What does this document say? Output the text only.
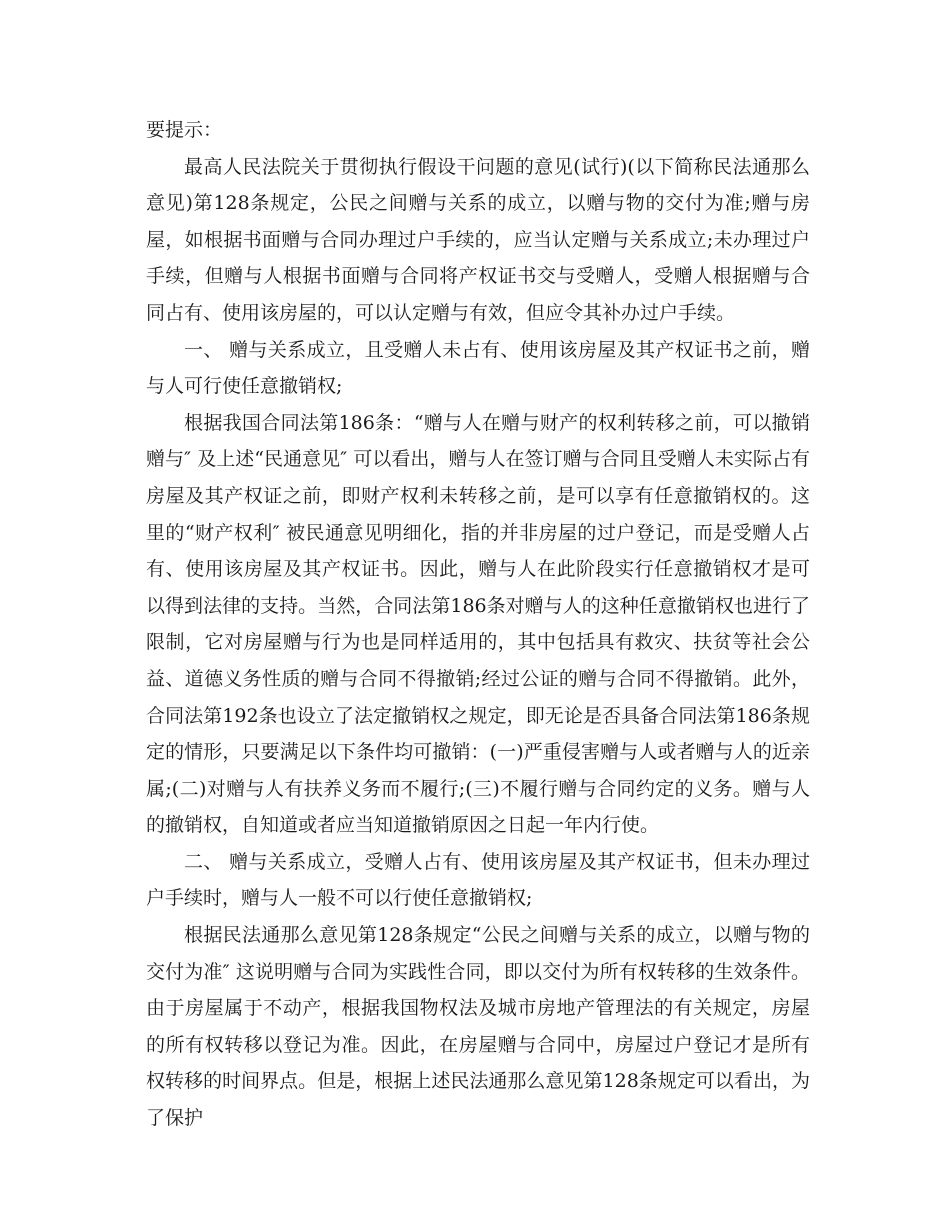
要提示：

最高人民法院关于贯彻执行假设干问题的意见(试行)(以下简称民法通那么意见)第128条规定，公民之间赠与关系的成立，以赠与物的交付为准;赠与房屋，如根据书面赠与合同办理过户手续的，应当认定赠与关系成立;未办理过户手续，但赠与人根据书面赠与合同将产权证书交与受赠人，受赠人根据赠与合同占有、使用该房屋的，可以认定赠与有效，但应令其补办过户手续。

一、 赠与关系成立，且受赠人未占有、使用该房屋及其产权证书之前，赠与人可行使任意撤销权;

根据我国合同法第186条：“赠与人在赠与财产的权利转移之前，可以撤销赠与″ 及上述“民通意见″ 可以看出，赠与人在签订赠与合同且受赠人未实际占有房屋及其产权证之前，即财产权利未转移之前，是可以享有任意撤销权的。这里的“财产权利″ 被民通意见明细化，指的并非房屋的过户登记，而是受赠人占有、使用该房屋及其产权证书。因此，赠与人在此阶段实行任意撤销权才是可以得到法律的支持。当然，合同法第186条对赠与人的这种任意撤销权也进行了限制，它对房屋赠与行为也是同样适用的，其中包括具有救灾、扶贫等社会公益、道德义务性质的赠与合同不得撤销;经过公证的赠与合同不得撤销。此外，合同法第192条也设立了法定撤销权之规定，即无论是否具备合同法第186条规定的情形，只要满足以下条件均可撤销：(一)严重侵害赠与人或者赠与人的近亲属;(二)对赠与人有扶养义务而不履行;(三)不履行赠与合同约定的义务。赠与人的撤销权，自知道或者应当知道撤销原因之日起一年内行使。

二、 赠与关系成立，受赠人占有、使用该房屋及其产权证书，但未办理过户手续时，赠与人一般不可以行使任意撤销权;

根据民法通那么意见第128条规定“公民之间赠与关系的成立，以赠与物的交付为准″ 这说明赠与合同为实践性合同，即以交付为所有权转移的生效条件。由于房屋属于不动产，根据我国物权法及城市房地产管理法的有关规定，房屋的所有权转移以登记为准。因此，在房屋赠与合同中，房屋过户登记才是所有权转移的时间界点。但是，根据上述民法通那么意见第128条规定可以看出，为了保护
